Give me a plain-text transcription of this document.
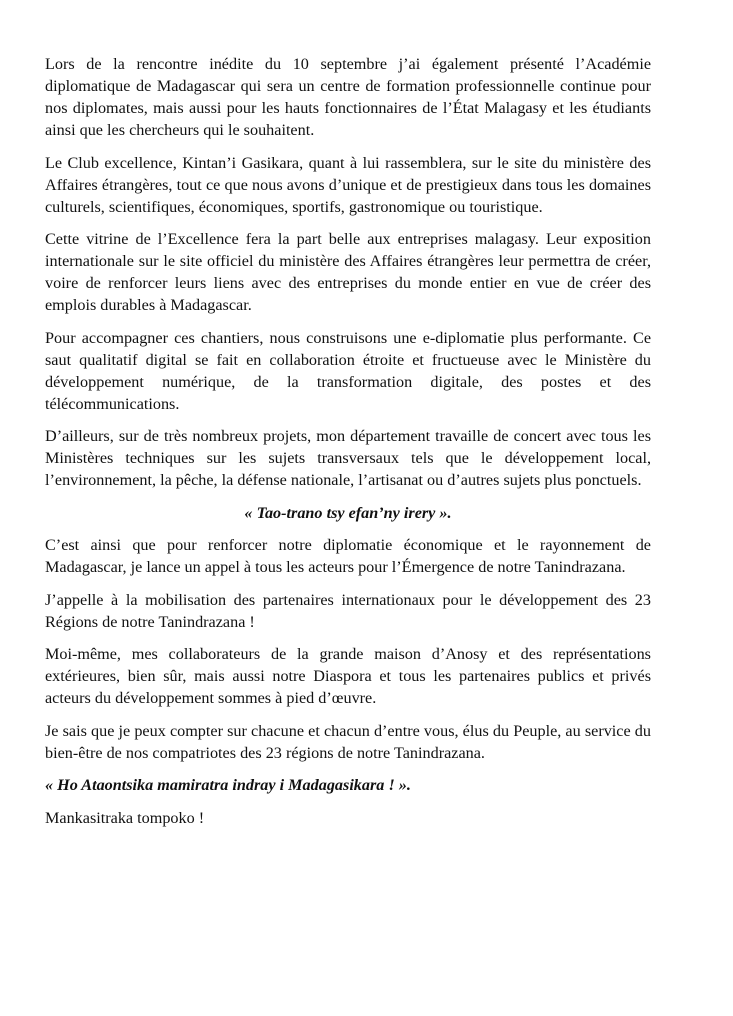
Lors de la rencontre inédite du 10 septembre j’ai également présenté l’Académie diplomatique de Madagascar qui sera un centre de formation professionnelle continue pour nos diplomates, mais aussi pour les hauts fonctionnaires de l’État Malagasy et les étudiants ainsi que les chercheurs qui le souhaitent.

Le Club excellence, Kintan’i Gasikara, quant à lui rassemblera, sur le site du ministère des Affaires étrangères, tout ce que nous avons d’unique et de prestigieux dans tous les domaines culturels, scientifiques, économiques, sportifs, gastronomique ou touristique.

Cette vitrine de l’Excellence fera la part belle aux entreprises malagasy. Leur exposition internationale sur le site officiel du ministère des Affaires étrangères leur permettra de créer, voire de renforcer leurs liens avec des entreprises du monde entier en vue de créer des emplois durables à Madagascar.

Pour accompagner ces chantiers, nous construisons une e-diplomatie plus performante. Ce saut qualitatif digital se fait en collaboration étroite et fructueuse avec le Ministère du développement numérique, de la transformation digitale, des postes et des télécommunications.

D’ailleurs, sur de très nombreux projets, mon département travaille de concert avec tous les Ministères techniques sur les sujets transversaux tels que le développement local, l’environnement, la pêche, la défense nationale, l’artisanat ou d’autres sujets plus ponctuels.

« Tao-trano tsy efan’ny irery ».

C’est ainsi que pour renforcer notre diplomatie économique et le rayonnement de Madagascar, je lance un appel à tous les acteurs pour l’Émergence de notre Tanindrazana.

J’appelle à la mobilisation des partenaires internationaux pour le développement des 23 Régions de notre Tanindrazana !

Moi-même, mes collaborateurs de la grande maison d’Anosy et des représentations extérieures, bien sûr, mais aussi notre Diaspora et tous les partenaires publics et privés acteurs du développement sommes à pied d’œuvre.

Je sais que je peux compter sur chacune et chacun d’entre vous, élus du Peuple, au service du bien-être de nos compatriotes des 23 régions de notre Tanindrazana.

« Ho Ataontsika mamiratra indray i Madagasikara ! ».

Mankasitraka tompoko !
